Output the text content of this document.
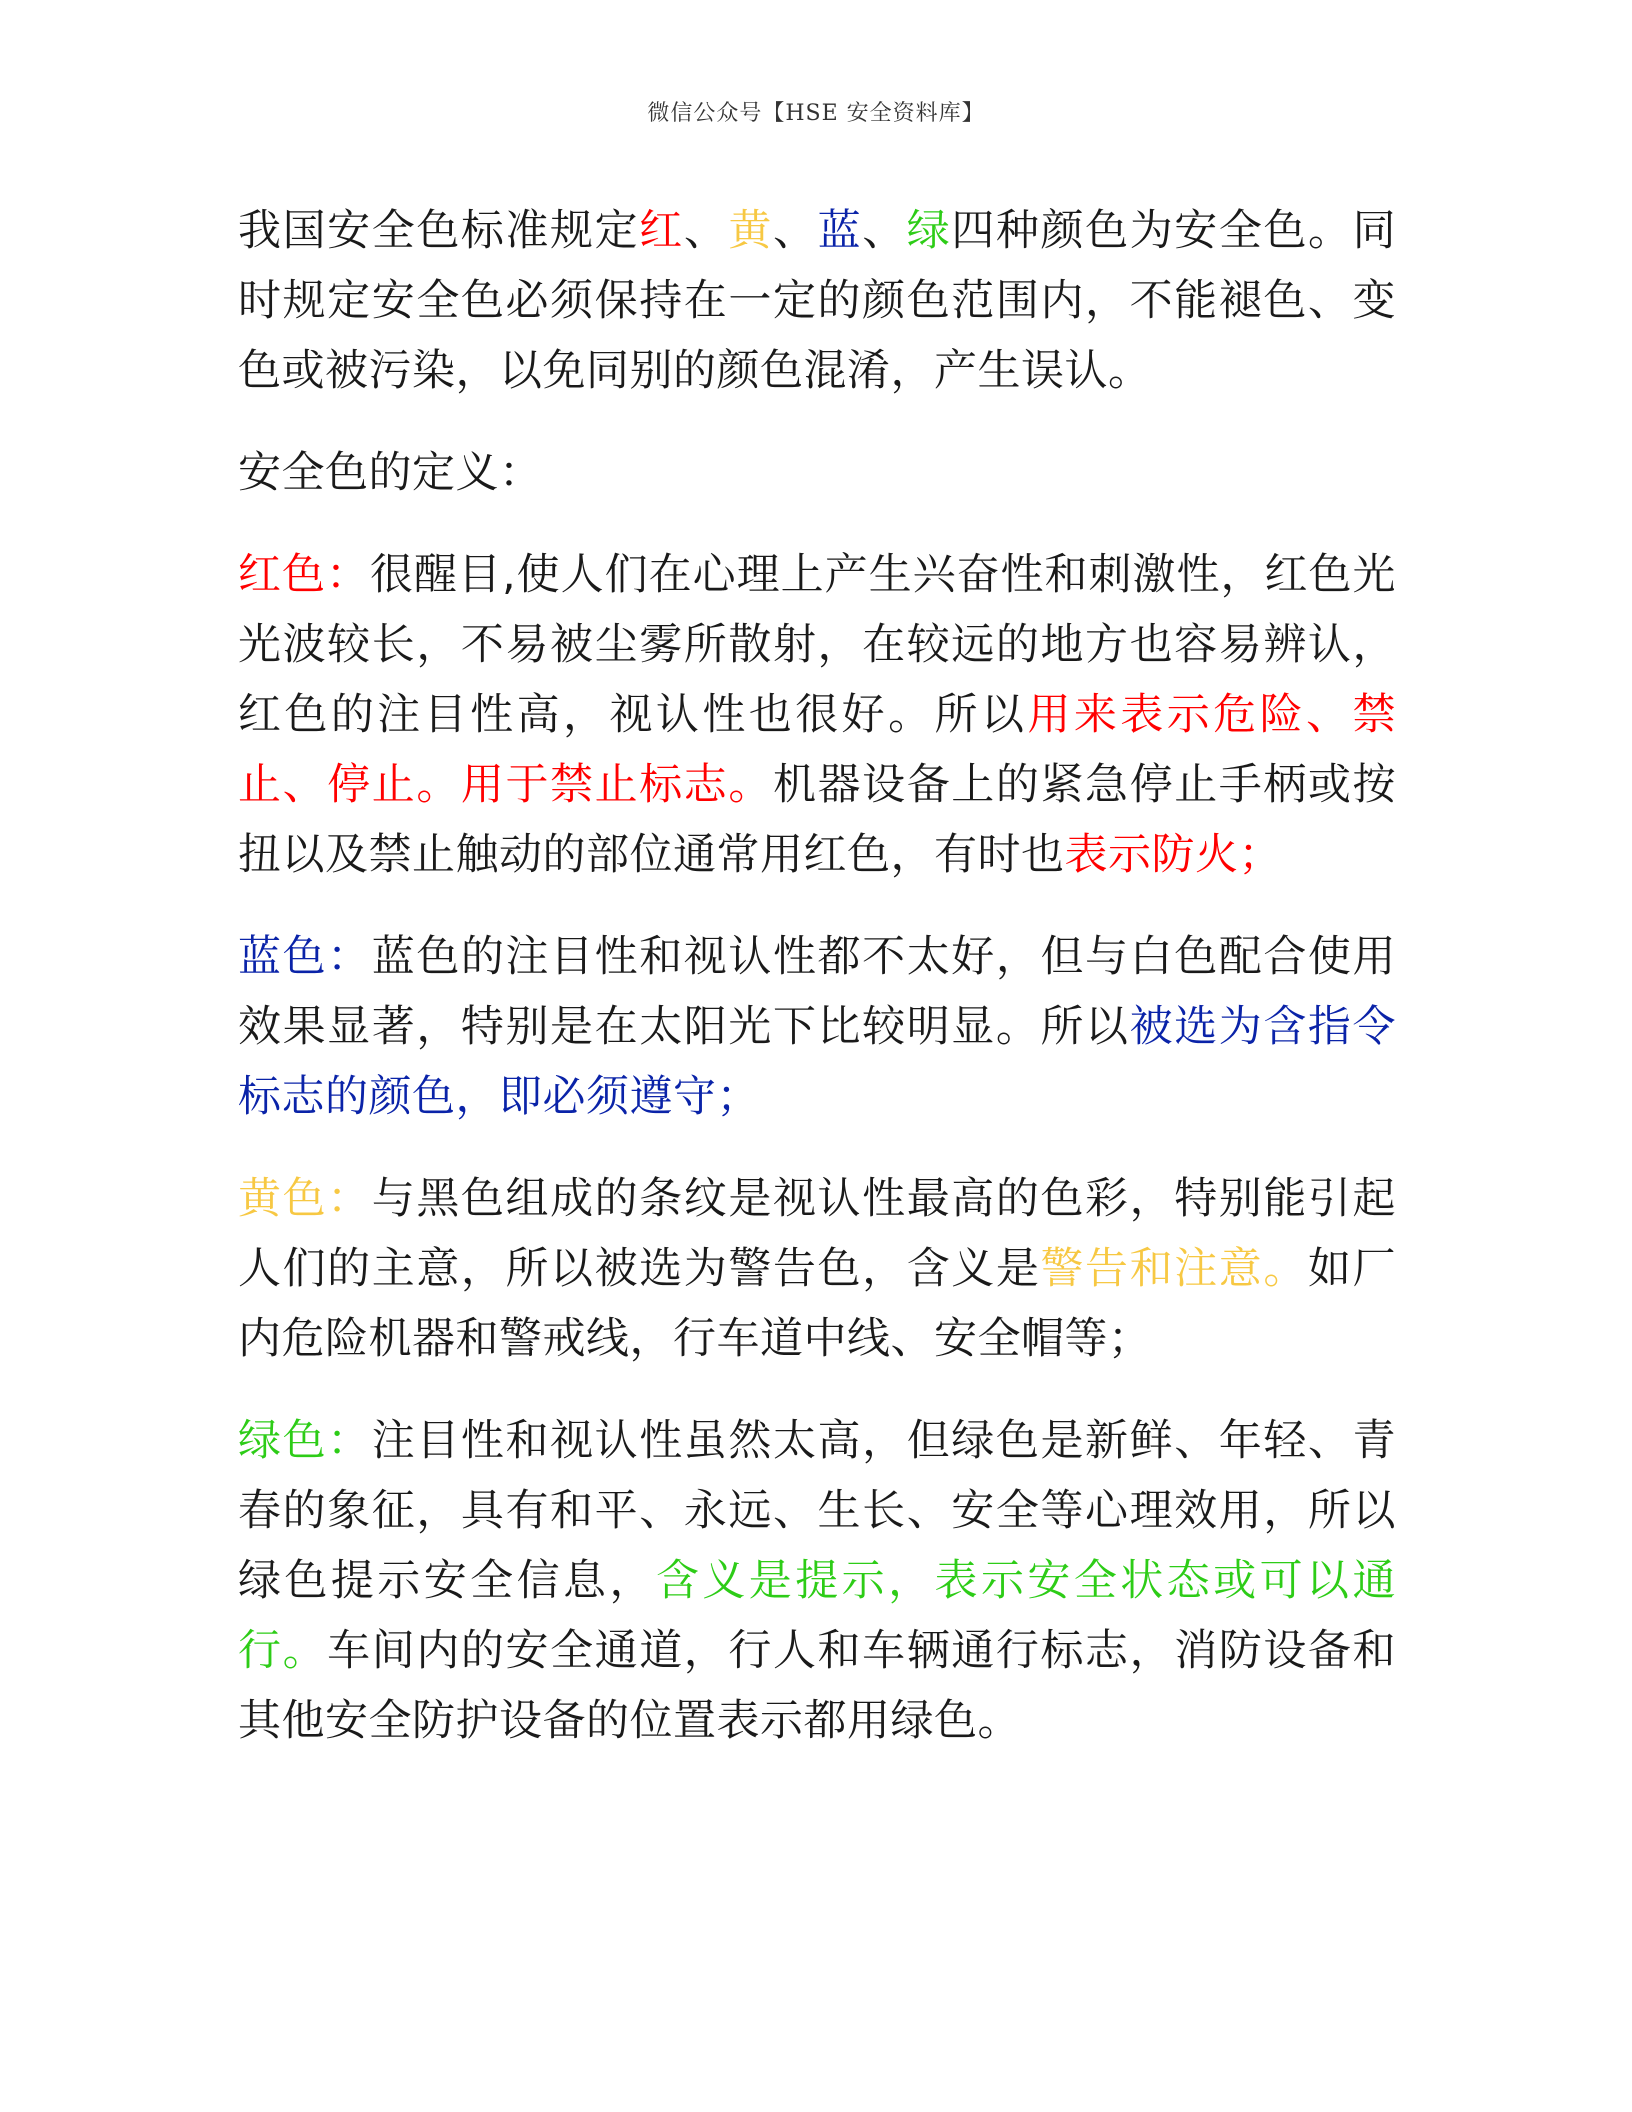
微信公众号【HSE 安全资料库】

我国安全色标准规定红、黄、蓝、绿四种颜色为安全色。同时规定安全色必须保持在一定的颜色范围内，不能褪色、变色或被污染，以免同别的颜色混淆，产生误认。

安全色的定义：

红色：很醒目,使人们在心理上产生兴奋性和刺激性，红色光光波较长，不易被尘雾所散射，在较远的地方也容易辨认，红色的注目性高，视认性也很好。所以用来表示危险、禁止、停止。用于禁止标志。机器设备上的紧急停止手柄或按扭以及禁止触动的部位通常用红色，有时也表示防火；

蓝色：蓝色的注目性和视认性都不太好，但与白色配合使用效果显著，特别是在太阳光下比较明显。所以被选为含指令标志的颜色，即必须遵守；

黄色：与黑色组成的条纹是视认性最高的色彩，特别能引起人们的主意，所以被选为警告色，含义是警告和注意。如厂内危险机器和警戒线，行车道中线、安全帽等；

绿色：注目性和视认性虽然太高，但绿色是新鲜、年轻、青春的象征，具有和平、永远、生长、安全等心理效用，所以绿色提示安全信息，含义是提示，表示安全状态或可以通行。车间内的安全通道，行人和车辆通行标志，消防设备和其他安全防护设备的位置表示都用绿色。
